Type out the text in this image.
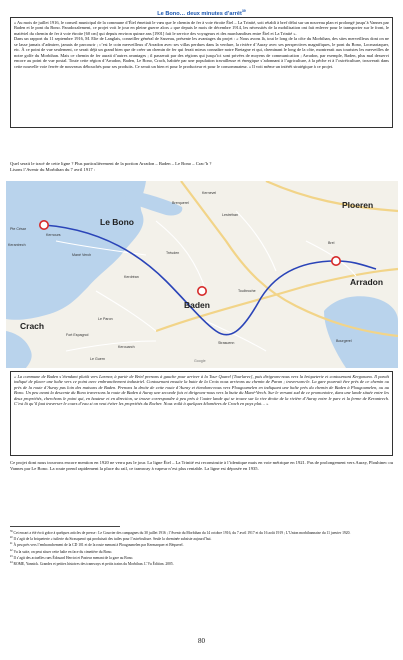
Le Bono… deux minutes d’arrêt$^{39}$

« Au mois de juillet 1916, le conseil municipal de la commune d’Étel émettait le vœu que le chemin de fer à voie étroite Étel – La Trinité, soit rétabli à bref délai sur un nouveau plan et prolongé jusqu’à Vannes par Baden et le pont du Bono. Paradoxalement, ce projet voit le jour en pleine guerre alors « que depuis le mois de décembre 1914, les nécessités de la mobilisation ont fait enlever pour le transporter sur le front, le matériel du chemin de fer à voie étroite [60 cm] qui depuis environ quinze ans [1901] fait le service des voyageurs et des marchandises entre Étel et La Trinité ».

Dans un rapport du 11 septembre 1916, M. Elie de Langlais, conseiller général de Sarzeau, présente les avantages du projet : « Nous avons là, tout le long de la côte du Morbihan, des sites merveilleux dont on ne se lasse jamais d’admirer, jamais de parcourir ; c’est le coin merveilleux d’Arradon avec ses villas perdues dans la verdure, la rivière d’Auray avec ses perspectives magnifiques, le pont du Bono, Locmariaquer, etc. À ce point de vue seulement, ce serait déjà un grand bien que de créer un chemin de fer qui ferait mieux connaître notre Bretagne et qui, cheminant le long de la côte, montrerait aux touristes les merveilles de notre golfe du Morbihan. Mais ce chemin de fer aurait d’autres avantages ; il passerait par des régions qui jusqu’ici sont privées de moyens de communication ; Arradon, par exemple, Baden, plus mal desservi encore au point de vue postal. Toute cette région d’Arradon, Baden, Le Bono, Crach, habitée par une population travailleuse et énergique s’adonnant à l’agriculture, à la pêche et à l’ostréiculture, trouverait dans cette nouvelle voie ferrée de nouveaux débouchés pour ses produits. Ce serait un bien et pour le producteur et pour le consommateur. » Il voit même un intérêt stratégique à ce projet.

Quel serait le tracé de cette ligne ? Plus particulièrement de la portion Arradon – Baden – Le Bono – Crac’h ?

Lisons l’Avenir du Morbihan du 7 avril 1917 :

Le Bono
Ploeren
Arradon
Baden
Crach
Pte César
Kernours
Kerantrech
Mané Verch
Kerdréan
Tréuden
Lestréhan
Brerquerel
Kernevel
Toulbroche
Le Paron
Fort Espagnol
Kerouarch
Le Guern
Strasuenn
Brel
Bourgerel
Google

« La commune de Baden s’étendant plutôt vers Larmor, à partir de Briel prenons à gauche pour arriver à la Tour Quarel [Tourlarec], puis dirigeons-nous vers la briqueterie et contournant Kergonano. Il paraît indiqué de placer une halte vers ce point avec embranchement industriel. Contournant ensuite la butte de la Croix nous arrivons au chemin de Paran ; traversons-le. La gare pourrait être près de ce chemin ou près de la route d’Auray pas loin des maisons de Baden. Prenons la droite de cette route d’Auray et étendons-nous vers Plougoumelen en indiquant une halte près du chemin de Baden à Plougoumelen, ou au Bono. Un peu avant la descente du Bono traversons la route de Baden à Auray une seconde fois et dirigeons-nous vers la butte du Mané-Verch. Sur le versant sud de ce promontoire, dans une lande située entre les deux propriétés, cherchons le point qui, en hauteur et en direction, se trouve correspondre à peu près à l’autre lande qui se trouve sur la rive droite de la rivière d’Auray entre le parc et la ferme de Kerantrech. C’est là qu’il faut traverser le cours d’eau si on veut éviter les propriétés du Rocher. Nous voilà à quelques kilomètres de Crach en pays plat… »

Ce projet dont nous trouvons encore mention en 1920 ne verra pas le jour. La ligne Étel – La Trinité est reconstruite à l’identique mais en voie métrique en 1921. Pas de prolongement vers Auray, Plouhinec ou Vannes par Le Bono. La route prend rapidement la place du rail, ce tramway à vapeur n’est plus rentable. La ligne est déposée en 1935.

$^{39}$ Cet encart a été écrit grâce à quelques articles de presse : Le Courrier des campagnes du 30 juillet 1916 ; l’Avenir du Morbihan du 14 octobre 1916, du 7 avril 1917 et du 16 août 1919 ; L’Union morbihannaise du 11 janvier 1920.

$^{40}$ Il s’agit de la briqueterie « tuilerie du Strasquenó qui produisait des tuiles pour l’ostréiculture. Seule la cheminée subsiste aujourd’hui.

$^{41}$ À peu près vers l’embranchement de la CD 101 et de la route menant à Plougoumelen par Kermarquer et Béquerel.

$^{42}$ Vu la suite, on peut situer cette halte en face du cimetière du Bono.

$^{43}$ Il s’agit des actuelles rues Édouard Herriot et Pasteur menant de la gare au Bono.

$^{44}$ ROME, Yannick. Grandes et petites histoires des tramways et petits trains du Morbihan. L’Vu Édition. 2005.

80
